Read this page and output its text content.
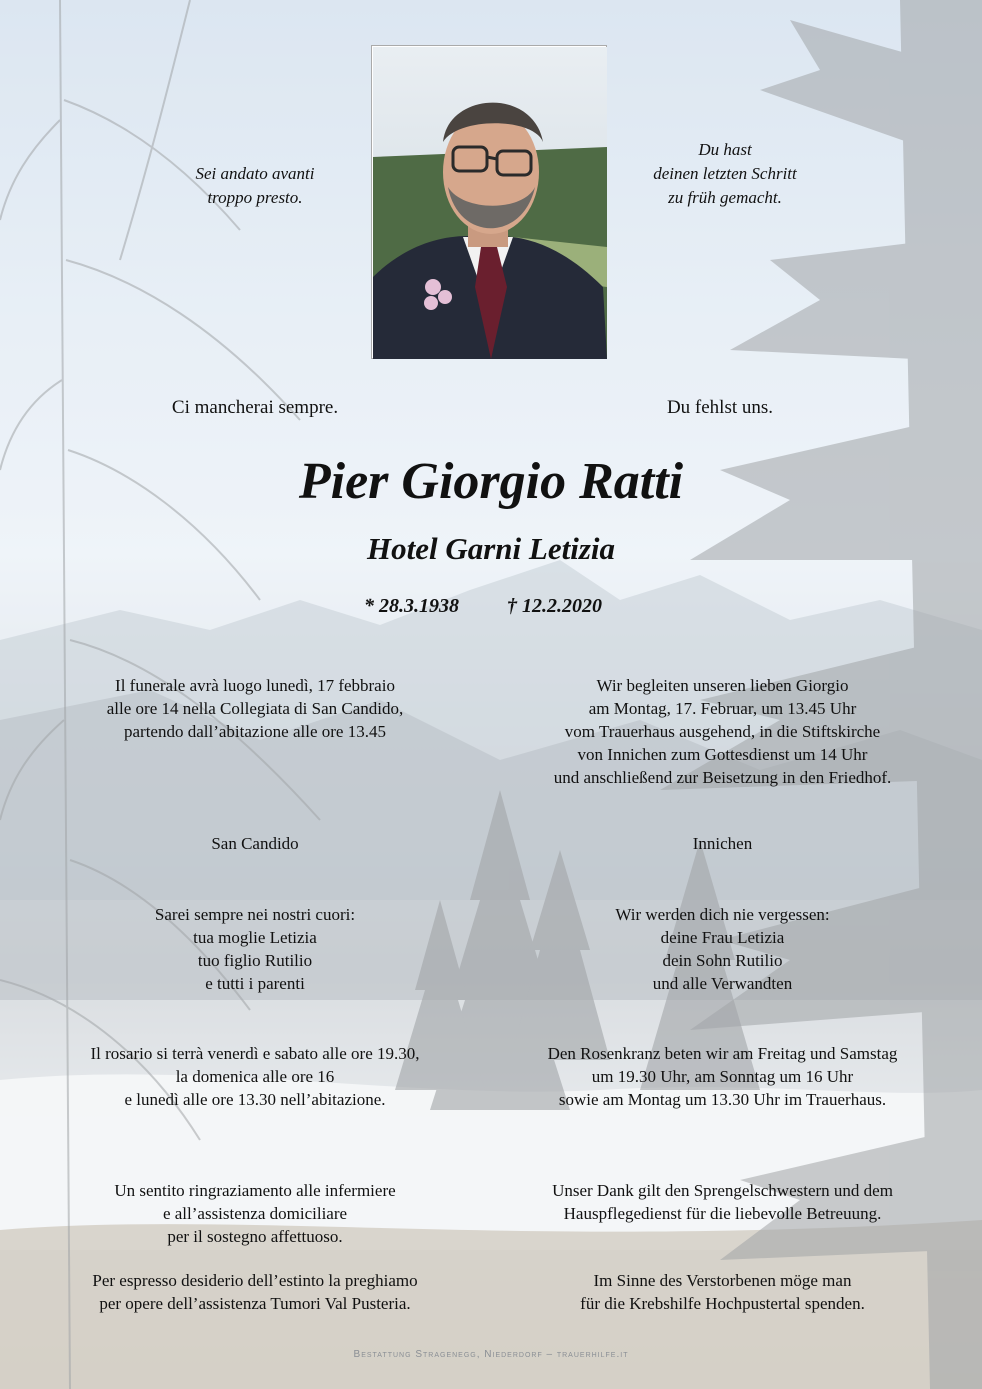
Sei andato avanti
troppo presto.
Du hast
deinen letzten Schritt
zu früh gemacht.
Ci mancherai sempre.	Du fehlst uns.
Pier Giorgio Ratti
Hotel Garni Letizia
* 28.3.1938 † 12.2.2020
Il funerale avrà luogo lunedì, 17 febbraio
alle ore 14 nella Collegiata di San Candido,
partendo dall’abitazione alle ore 13.45
Wir begleiten unseren lieben Giorgio
am Montag, 17. Februar, um 13.45 Uhr
vom Trauerhaus ausgehend, in die Stiftskirche
von Innichen zum Gottesdienst um 14 Uhr
und anschließend zur Beisetzung in den Friedhof.
San Candido	Innichen
Sarei sempre nei nostri cuori:
tua moglie Letizia
tuo figlio Rutilio
e tutti i parenti
Wir werden dich nie vergessen:
deine Frau Letizia
dein Sohn Rutilio
und alle Verwandten
Il rosario si terrà venerdì e sabato alle ore 19.30,
la domenica alle ore 16
e lunedì alle ore 13.30 nell’abitazione.
Den Rosenkranz beten wir am Freitag und Samstag
um 19.30 Uhr, am Sonntag um 16 Uhr
sowie am Montag um 13.30 Uhr im Trauerhaus.
Un sentito ringraziamento alle infermiere
e all’assistenza domiciliare
per il sostegno affettuoso.
Unser Dank gilt den Sprengelschwestern und dem
Hauspflegedienst für die liebevolle Betreuung.
Per espresso desiderio dell’estinto la preghiamo
per opere dell’assistenza Tumori Val Pusteria.
Im Sinne des Verstorbenen möge man
für die Krebshilfe Hochpustertal spenden.
Bestattung Stragenegg, Niederdorf – trauerhilfe.it
